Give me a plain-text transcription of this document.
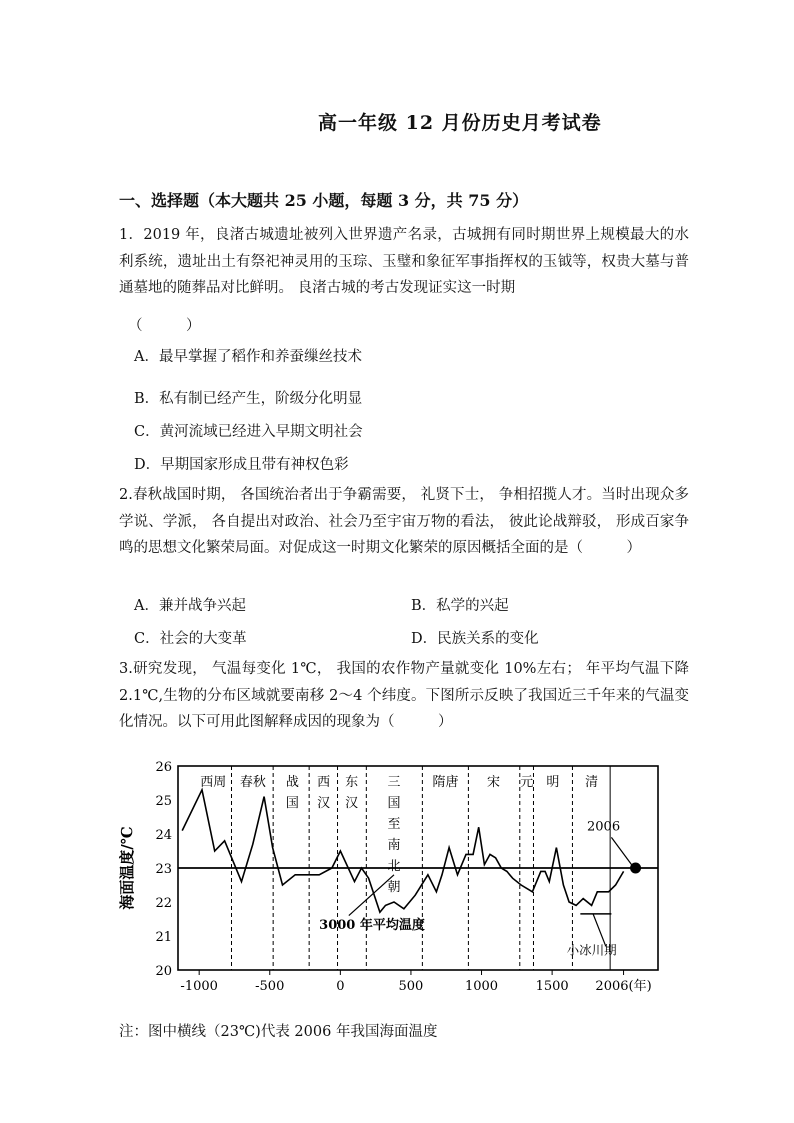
高一年级 12 月份历史月考试卷
一、选择题（本大题共 25 小题，每题 3 分，共 75 分）
1．2019 年，良渚古城遗址被列入世界遗产名录，古城拥有同时期世界上规模最大的水利系统，遗址出土有祭祀神灵用的玉琮、玉璧和象征军事指挥权的玉钺等，权贵大墓与普通墓地的随葬品对比鲜明。 良渚古城的考古发现证实这一时期
（　　　）
A．最早掌握了稻作和养蚕缫丝技术
B．私有制已经产生，阶级分化明显
C．黄河流域已经进入早期文明社会
D．早期国家形成且带有神权色彩
2.春秋战国时期， 各国统治者出于争霸需要， 礼贤下士， 争相招揽人才。当时出现众多学说、学派， 各自提出对政治、社会乃至宇宙万物的看法， 彼此论战辩驳， 形成百家争鸣的思想文化繁荣局面。对促成这一时期文化繁荣的原因概括全面的是（　　　）
A．兼并战争兴起	B．私学的兴起
C．社会的大变革	D．民族关系的变化
3.研究发现， 气温每变化 1℃， 我国的农作物产量就变化 10%左右； 年平均气温下降 2.1℃,生物的分布区域就要南移 2～4 个纬度。下图所示反映了我国近三千年来的气温变化情况。以下可用此图解释成因的现象为（　　　）
26
25
24
23
22
21
20
海面温度/℃
-1000	-500	0	500	1000	1500 2006(年)
西周 春秋 战
国
西
汉
东
汉
三
国
至
南
北
朝
隋唐 宋 元 明 清
2006
3000 年平均温度
小冰川期
注：图中横线（23℃)代表 2006 年我国海面温度
